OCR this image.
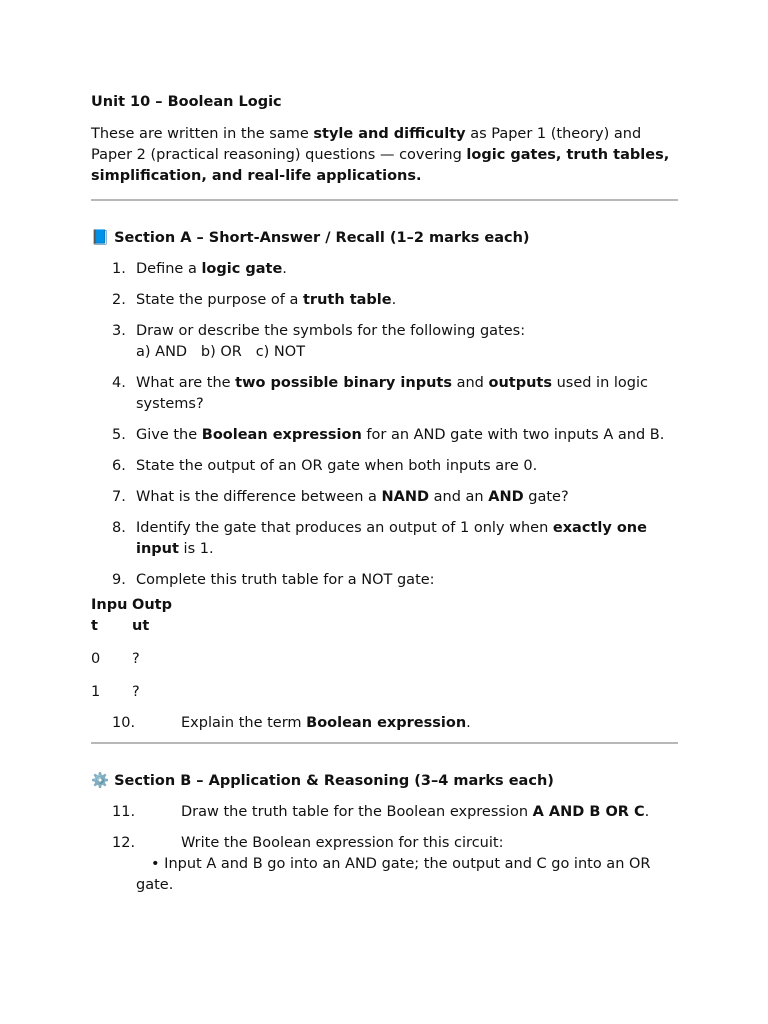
Unit 10 – Boolean Logic

These are written in the same style and difficulty as Paper 1 (theory) and Paper 2 (practical reasoning) questions — covering logic gates, truth tables, simplification, and real-life applications.

📘 Section A – Short-Answer / Recall (1–2 marks each)

1. Define a logic gate.
2. State the purpose of a truth table.
3. Draw or describe the symbols for the following gates:
a) AND   b) OR   c) NOT
4. What are the two possible binary inputs and outputs used in logic systems?
5. Give the Boolean expression for an AND gate with two inputs A and B.
6. State the output of an OR gate when both inputs are 0.
7. What is the difference between a NAND and an AND gate?
8. Identify the gate that produces an output of 1 only when exactly one input is 1.
9. Complete this truth table for a NOT gate:
Input	Output
0	?
1	?
10.	Explain the term Boolean expression.

⚙️ Section B – Application & Reasoning (3–4 marks each)

11.	Draw the truth table for the Boolean expression A AND B OR C.
12.	Write the Boolean expression for this circuit:

• Input A and B go into an AND gate; the output and C go into an OR gate.
